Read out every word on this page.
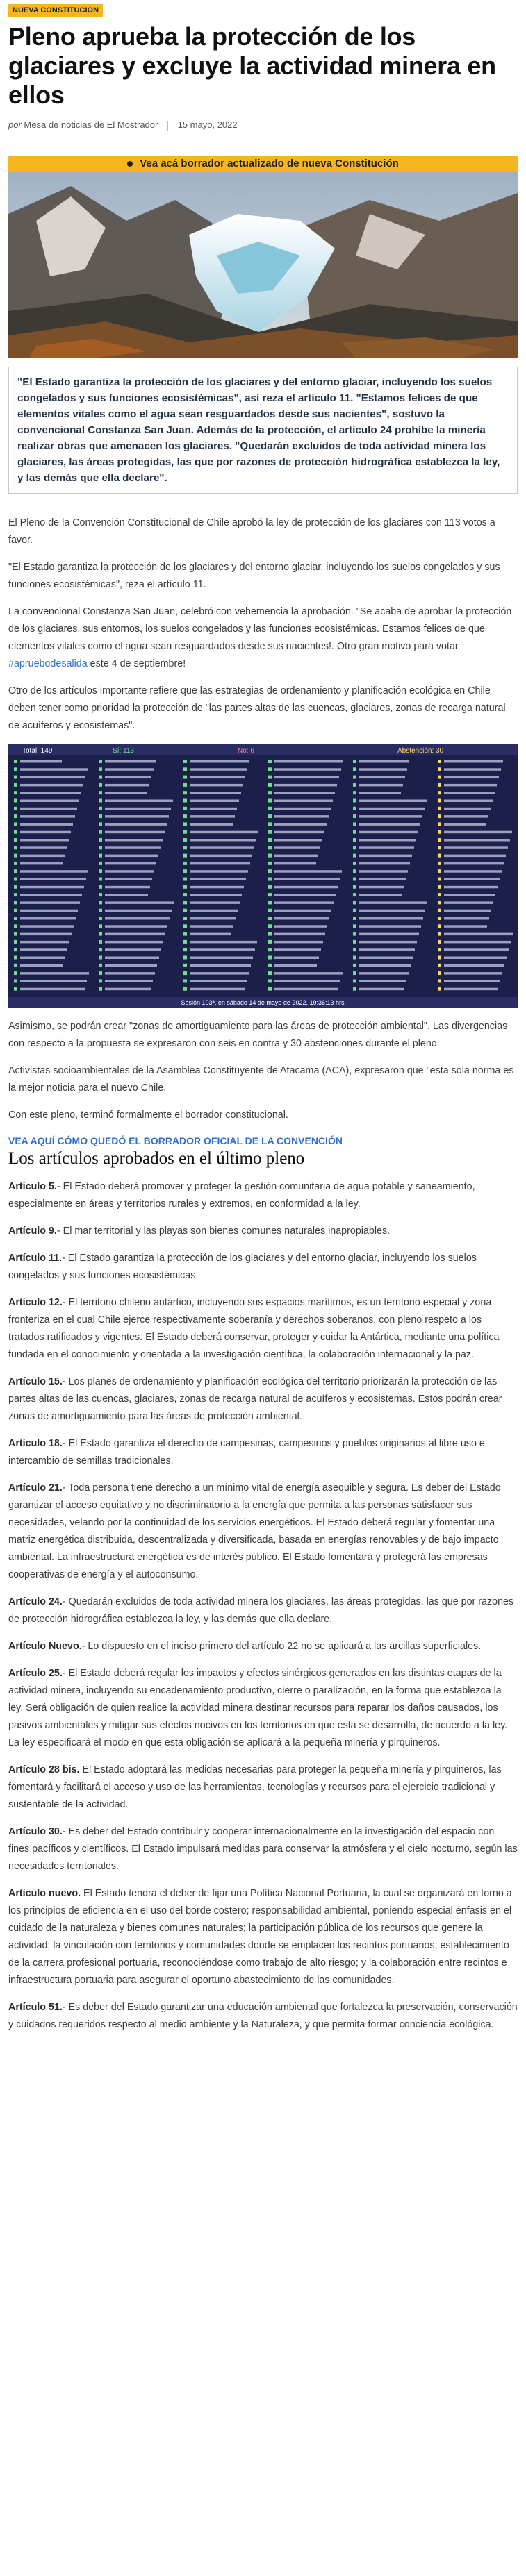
NUEVA CONSTITUCIÓN
Pleno aprueba la protección de los glaciares y excluye la actividad minera en ellos
por Mesa de noticias de El Mostrador 15 mayo, 2022
Vea acá borrador actualizado de nueva Constitución
"El Estado garantiza la protección de los glaciares y del entorno glaciar, incluyendo los suelos congelados y sus funciones ecosistémicas", así reza el artículo 11. "Estamos felices de que elementos vitales como el agua sean resguardados desde sus nacientes", sostuvo la convencional Constanza San Juan. Además de la protección, el artículo 24 prohíbe la minería realizar obras que amenacen los glaciares. "Quedarán excluidos de toda actividad minera los glaciares, las áreas protegidas, las que por razones de protección hidrográfica establezca la ley, y las demás que ella declare".

El Pleno de la Convención Constitucional de Chile aprobó la ley de protección de los glaciares con 113 votos a favor.

"El Estado garantiza la protección de los glaciares y del entorno glaciar, incluyendo los suelos congelados y sus funciones ecosistémicas", reza el artículo 11.

La convencional Constanza San Juan, celebró con vehemencia la aprobación. "Se acaba de aprobar la protección de los glaciares, sus entornos, los suelos congelados y las funciones ecosistémicas. Estamos felices de que elementos vitales como el agua sean resguardados desde sus nacientes!. Otro gran motivo para votar #apruebodesalida este 4 de septiembre!

Otro de los artículos importante refiere que las estrategias de ordenamiento y planificación ecológica en Chile deben tener como prioridad la protección de "las partes altas de las cuencas, glaciares, zonas de recarga natural de acuíferos y ecosistemas".

Total: 149	Sí: 113	No: 6	Abstención: 30
Sesión 103ª, en sábado 14 de mayo de 2022, 19:36:13 hrs

Asimismo, se podrán crear "zonas de amortiguamiento para las áreas de protección ambiental". Las divergencias con respecto a la propuesta se expresaron con seis en contra y 30 abstenciones durante el pleno.

Activistas socioambientales de la Asamblea Constituyente de Atacama (ACA), expresaron que "esta sola norma es la mejor noticia para el nuevo Chile.

Con este pleno, terminó formalmente el borrador constitucional.

VEA AQUÍ CÓMO QUEDÓ EL BORRADOR OFICIAL DE LA CONVENCIÓN
Los artículos aprobados en el último pleno

Artículo 5.- El Estado deberá promover y proteger la gestión comunitaria de agua potable y saneamiento, especialmente en áreas y territorios rurales y extremos, en conformidad a la ley.

Artículo 9.- El mar territorial y las playas son bienes comunes naturales inapropiables.

Artículo 11.- El Estado garantiza la protección de los glaciares y del entorno glaciar, incluyendo los suelos congelados y sus funciones ecosistémicas.

Artículo 12.- El territorio chileno antártico, incluyendo sus espacios marítimos, es un territorio especial y zona fronteriza en el cual Chile ejerce respectivamente soberanía y derechos soberanos, con pleno respeto a los tratados ratificados y vigentes. El Estado deberá conservar, proteger y cuidar la Antártica, mediante una política fundada en el conocimiento y orientada a la investigación científica, la colaboración internacional y la paz.

Artículo 15.- Los planes de ordenamiento y planificación ecológica del territorio priorizarán la protección de las partes altas de las cuencas, glaciares, zonas de recarga natural de acuíferos y ecosistemas. Estos podrán crear zonas de amortiguamiento para las áreas de protección ambiental.

Artículo 18.- El Estado garantiza el derecho de campesinas, campesinos y pueblos originarios al libre uso e intercambio de semillas tradicionales.

Artículo 21.- Toda persona tiene derecho a un mínimo vital de energía asequible y segura. Es deber del Estado garantizar el acceso equitativo y no discriminatorio a la energía que permita a las personas satisfacer sus necesidades, velando por la continuidad de los servicios energéticos. El Estado deberá regular y fomentar una matriz energética distribuida, descentralizada y diversificada, basada en energías renovables y de bajo impacto ambiental. La infraestructura energética es de interés público. El Estado fomentará y protegerá las empresas cooperativas de energía y el autoconsumo.

Artículo 24.- Quedarán excluidos de toda actividad minera los glaciares, las áreas protegidas, las que por razones de protección hidrográfica establezca la ley, y las demás que ella declare.

Artículo Nuevo.- Lo dispuesto en el inciso primero del artículo 22 no se aplicará a las arcillas superficiales.

Artículo 25.- El Estado deberá regular los impactos y efectos sinérgicos generados en las distintas etapas de la actividad minera, incluyendo su encadenamiento productivo, cierre o paralización, en la forma que establezca la ley. Será obligación de quien realice la actividad minera destinar recursos para reparar los daños causados, los pasivos ambientales y mitigar sus efectos nocivos en los territorios en que ésta se desarrolla, de acuerdo a la ley. La ley especificará el modo en que esta obligación se aplicará a la pequeña minería y pirquineros.

Artículo 28 bis. El Estado adoptará las medidas necesarias para proteger la pequeña minería y pirquineros, las fomentará y facilitará el acceso y uso de las herramientas, tecnologías y recursos para el ejercicio tradicional y sustentable de la actividad.

Artículo 30.- Es deber del Estado contribuir y cooperar internacionalmente en la investigación del espacio con fines pacíficos y científicos. El Estado impulsará medidas para conservar la atmósfera y el cielo nocturno, según las necesidades territoriales.

Artículo nuevo. El Estado tendrá el deber de fijar una Política Nacional Portuaria, la cual se organizará en torno a los principios de eficiencia en el uso del borde costero; responsabilidad ambiental, poniendo especial énfasis en el cuidado de la naturaleza y bienes comunes naturales; la participación pública de los recursos que genere la actividad; la vinculación con territorios y comunidades donde se emplacen los recintos portuarios; establecimiento de la carrera profesional portuaria, reconociéndose como trabajo de alto riesgo; y la colaboración entre recintos e infraestructura portuaria para asegurar el oportuno abastecimiento de las comunidades.

Artículo 51.- Es deber del Estado garantizar una educación ambiental que fortalezca la preservación, conservación y cuidados requeridos respecto al medio ambiente y la Naturaleza, y que permita formar conciencia ecológica.
